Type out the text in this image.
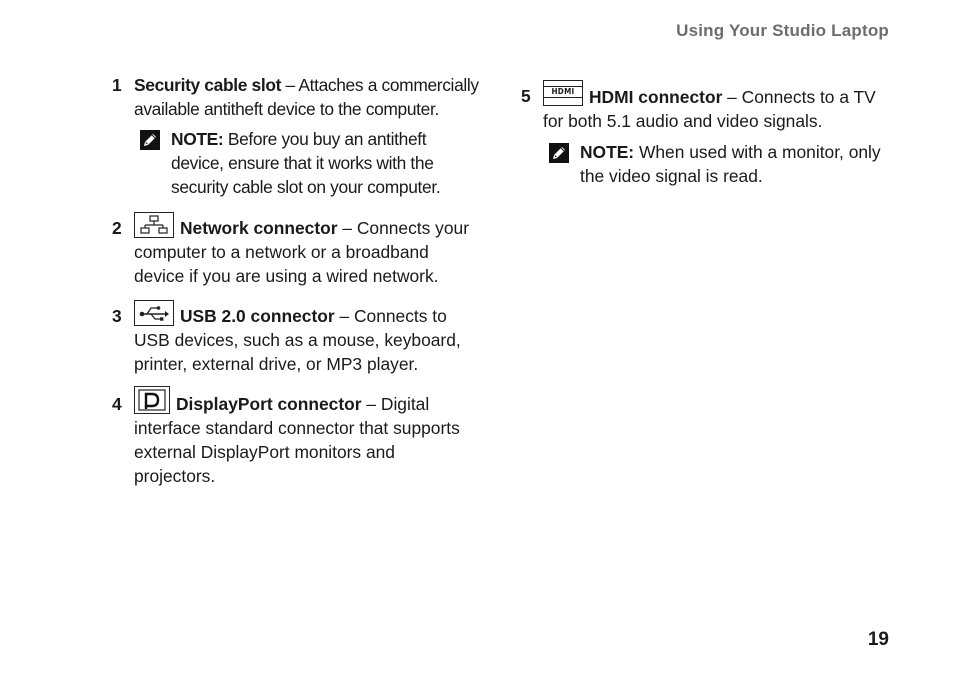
Using Your Studio Laptop
1 Security cable slot – Attaches a commercially available antitheft device to the computer.

NOTE: Before you buy an antitheft device, ensure that it works with the security cable slot on your computer.
2	Network connector – Connects your computer to a network or a broadband device if you are using a wired network.

3	USB 2.0 connector – Connects to USB devices, such as a mouse, keyboard, printer, external drive, or MP3 player.

4	DisplayPort connector – Digital interface standard connector that supports external DisplayPort monitors and projectors.

5	HDMI HDMI connector – Connects to a TV for both 5.1 audio and video signals.

NOTE: When used with a monitor, only the video signal is read.
19
